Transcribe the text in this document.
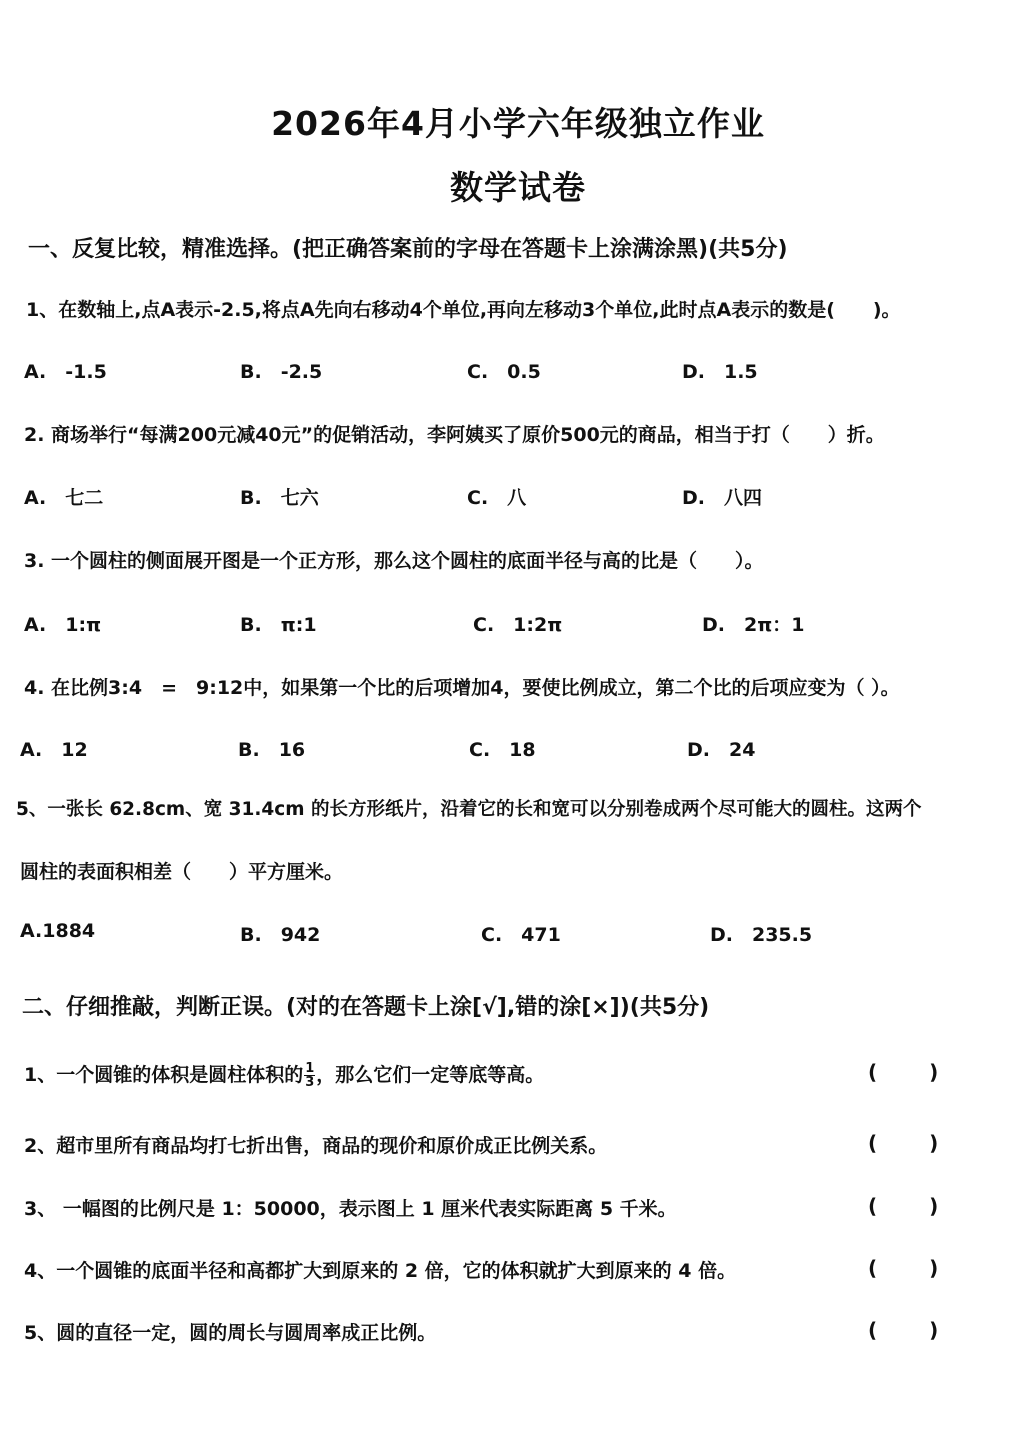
2026年4月小学六年级独立作业
数学试卷
一、反复比较，精准选择。(把正确答案前的字母在答题卡上涂满涂黑)(共5分)
1、在数轴上,点A表示-2.5,将点A先向右移动4个单位,再向左移动3个单位,此时点A表示的数是(　　)。
A.　-1.5	B.　-2.5	C.　0.5	D.　1.5
2. 商场举行“每满200元减40元”的促销活动，李阿姨买了原价500元的商品，相当于打（　　）折。
A.　七二	B.　七六	C.　八	D.　八四
3. 一个圆柱的侧面展开图是一个正方形，那么这个圆柱的底面半径与高的比是（　　）。
A.　1:π	B.　π:1	C.　1:2π	D.　2π：1
4. 在比例3:4　=　9:12中，如果第一个比的后项增加4，要使比例成立，第二个比的后项应变为（ ）。
A.　12	B.　16	C.　18	D.　24
5、一张长 62.8cm、宽 31.4cm 的长方形纸片，沿着它的长和宽可以分别卷成两个尽可能大的圆柱。这两个
圆柱的表面积相差（　　）平方厘米。
A.1884	B.　942	C.　471	D.　235.5
二、仔细推敲，判断正误。(对的在答题卡上涂[√],错的涂[×])(共5分)
1、一个圆锥的体积是圆柱体积的 $\frac{1}{3}$ ，那么它们一定等底等高。	(	)
2、超市里所有商品均打七折出售，商品的现价和原价成正比例关系。	(	)
3、 一幅图的比例尺是 1：50000，表示图上 1 厘米代表实际距离 5 千米。	(	)
4、一个圆锥的底面半径和高都扩大到原来的 2 倍，它的体积就扩大到原来的 4 倍。	(	)
5、圆的直径一定，圆的周长与圆周率成正比例。	(	)
